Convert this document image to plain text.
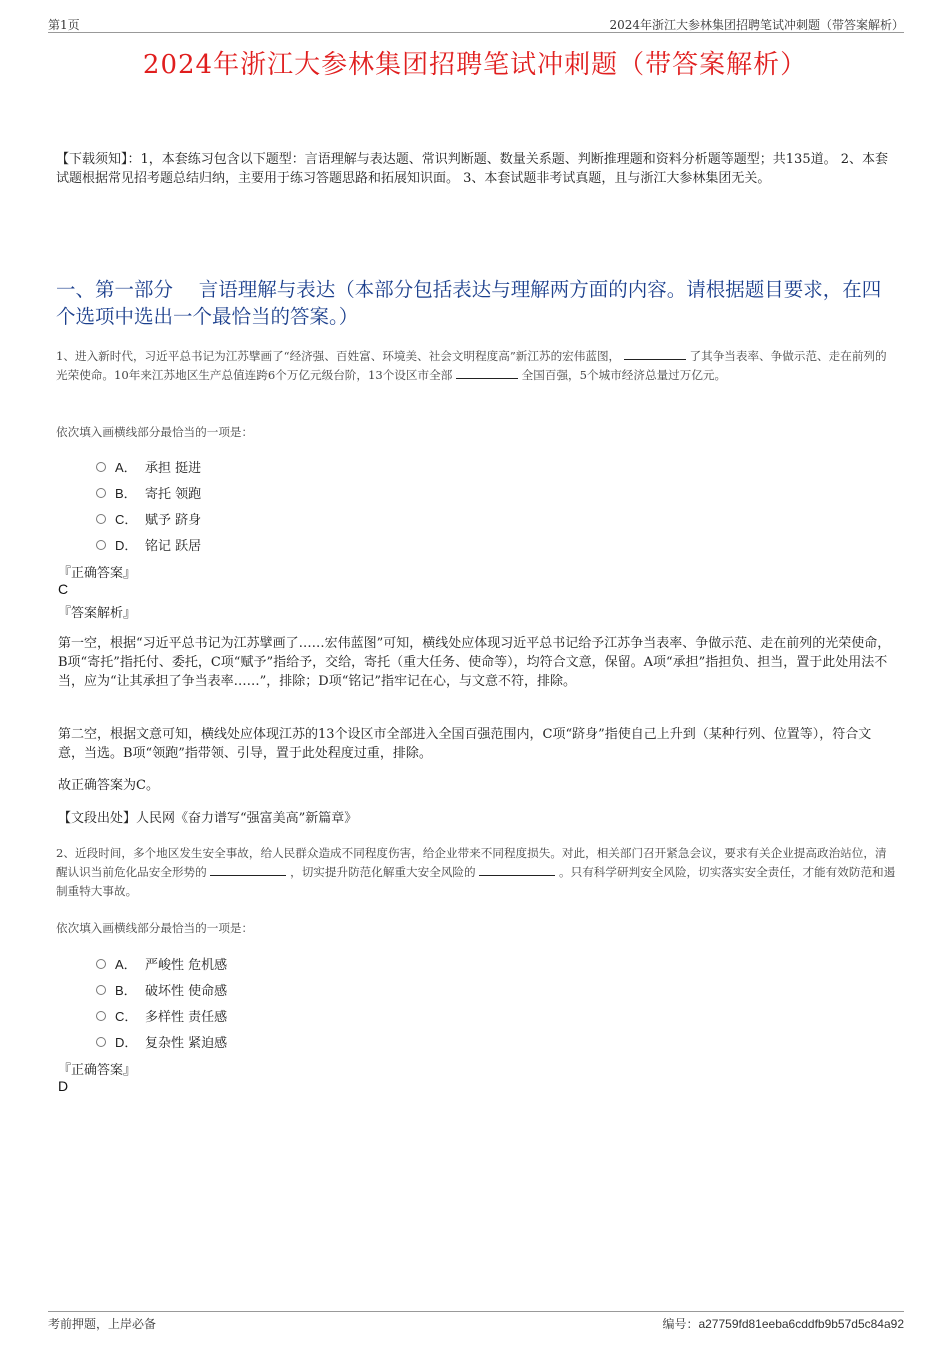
第1页	2024年浙江大参林集团招聘笔试冲刺题（带答案解析）
2024年浙江大参林集团招聘笔试冲刺题（带答案解析）
【下载须知】：1，本套练习包含以下题型：言语理解与表达题、常识判断题、数量关系题、判断推理题和资料分析题等题型；共135道。 2、本套试题根据常见招考题总结归纳，主要用于练习答题思路和拓展知识面。 3、本套试题非考试真题，且与浙江大参林集团无关。
一、第一部分　 言语理解与表达（本部分包括表达与理解两方面的内容。请根据题目要求，在四个选项中选出一个最恰当的答案。）
1、进入新时代，习近平总书记为江苏擘画了“经济强、百姓富、环境美、社会文明程度高”新江苏的宏伟蓝图，	了其争当表率、争做示范、走在前列的光荣使命。10年来江苏地区生产总值连跨6个万亿元级台阶，13个设区市全部	全国百强，5个城市经济总量过万亿元。
依次填入画横线部分最恰当的一项是：
A． 承担 挺进
B． 寄托 领跑
C． 赋予 跻身
D． 铭记 跃居
『正确答案』
C
『答案解析』
第一空，根据“习近平总书记为江苏擘画了……宏伟蓝图”可知，横线处应体现习近平总书记给予江苏争当表率、争做示范、走在前列的光荣使命，B项“寄托”指托付、委托，C项“赋予”指给予，交给，寄托（重大任务、使命等），均符合文意，保留。A项“承担”指担负、担当，置于此处用法不当，应为“让其承担了争当表率……”，排除；D项“铭记”指牢记在心，与文意不符，排除。
第二空，根据文意可知，横线处应体现江苏的13个设区市全部进入全国百强范围内，C项“跻身”指使自己上升到（某种行列、位置等），符合文意，当选。B项“领跑”指带领、引导，置于此处程度过重，排除。
故正确答案为C。
【文段出处】人民网《奋力谱写“强富美高”新篇章》
2、近段时间，多个地区发生安全事故，给人民群众造成不同程度伤害，给企业带来不同程度损失。对此，相关部门召开紧急会议，要求有关企业提高政治站位，清醒认识当前危化品安全形势的	，切实提升防范化解重大安全风险的	。只有科学研判安全风险，切实落实安全责任，才能有效防范和遏制重特大事故。
依次填入画横线部分最恰当的一项是：
A． 严峻性 危机感
B． 破坏性 使命感
C． 多样性 责任感
D． 复杂性 紧迫感
『正确答案』
D
考前押题，上岸必备	编号：a27759fd81eeba6cddfb9b57d5c84a92
